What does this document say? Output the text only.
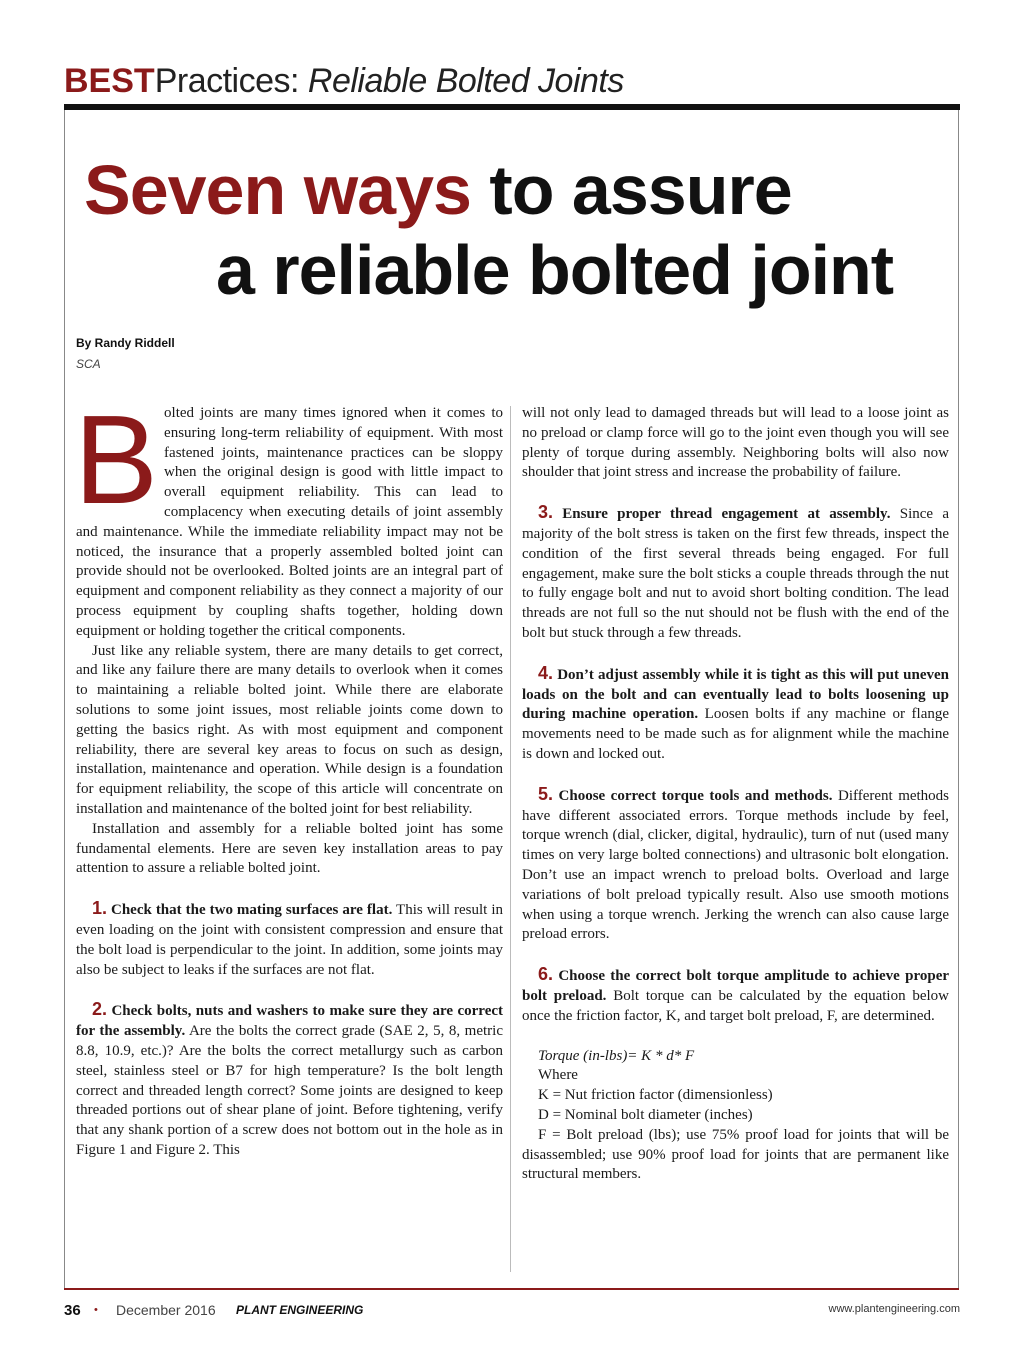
BESTPractices: Reliable Bolted Joints
Seven ways to assure
a reliable bolted joint
By Randy Riddell
SCA

Bolted joints are many times ignored when it comes to ensuring long-term reliability of equipment. With most fastened joints, maintenance practices can be sloppy when the original design is good with little impact to overall equipment reliability. This can lead to complacency when executing details of joint assembly and maintenance. While the immediate reliability impact may not be noticed, the insurance that a properly assembled bolted joint can provide should not be overlooked. Bolted joints are an integral part of equipment and component reliability as they connect a majority of our process equipment by coupling shafts together, holding down equipment or holding together the critical components.

Just like any reliable system, there are many details to get correct, and like any failure there are many details to overlook when it comes to maintaining a reliable bolted joint. While there are elaborate solutions to some joint issues, most reliable joints come down to getting the basics right. As with most equipment and component reliability, there are several key areas to focus on such as design, installation, maintenance and operation. While design is a foundation for equipment reliability, the scope of this article will concentrate on installation and maintenance of the bolted joint for best reliability.

Installation and assembly for a reliable bolted joint has some fundamental elements. Here are seven key installation areas to pay attention to assure a reliable bolted joint.

1. Check that the two mating surfaces are flat. This will result in even loading on the joint with consistent compression and ensure that the bolt load is perpendicular to the joint. In addition, some joints may also be subject to leaks if the surfaces are not flat.

2. Check bolts, nuts and washers to make sure they are correct for the assembly. Are the bolts the correct grade (SAE 2, 5, 8, metric 8.8, 10.9, etc.)? Are the bolts the correct metallurgy such as carbon steel, stainless steel or B7 for high temperature? Is the bolt length correct and threaded length correct? Some joints are designed to keep threaded portions out of shear plane of joint. Before tightening, verify that any shank portion of a screw does not bottom out in the hole as in Figure 1 and Figure 2. This

will not only lead to damaged threads but will lead to a loose joint as no preload or clamp force will go to the joint even though you will see plenty of torque during assembly. Neighboring bolts will also now shoulder that joint stress and increase the probability of failure.

3. Ensure proper thread engagement at assembly. Since a majority of the bolt stress is taken on the first few threads, inspect the condition of the first several threads being engaged. For full engagement, make sure the bolt sticks a couple threads through the nut to fully engage bolt and nut to avoid short bolting condition. The lead threads are not full so the nut should not be flush with the end of the bolt but stuck through a few threads.

4. Don’t adjust assembly while it is tight as this will put uneven loads on the bolt and can eventually lead to bolts loosening up during machine operation. Loosen bolts if any machine or flange movements need to be made such as for alignment while the machine is down and locked out.

5. Choose correct torque tools and methods. Different methods have different associated errors. Torque methods include by feel, torque wrench (dial, clicker, digital, hydraulic), turn of nut (used many times on very large bolted connections) and ultrasonic bolt elongation. Don’t use an impact wrench to preload bolts. Overload and large variations of bolt preload typically result. Also use smooth motions when using a torque wrench. Jerking the wrench can also cause large preload errors.

6. Choose the correct bolt torque amplitude to achieve proper bolt preload. Bolt torque can be calculated by the equation below once the friction factor, K, and target bolt preload, F, are determined.

Torque (in-lbs)= K * d* F

Where

K = Nut friction factor (dimensionless)

D = Nominal bolt diameter (inches)

F = Bolt preload (lbs); use 75% proof load for joints that will be disassembled; use 90% proof load for joints that are permanent like structural members.

36 • December 2016 PLANT ENGINEERING	www.plantengineering.com
